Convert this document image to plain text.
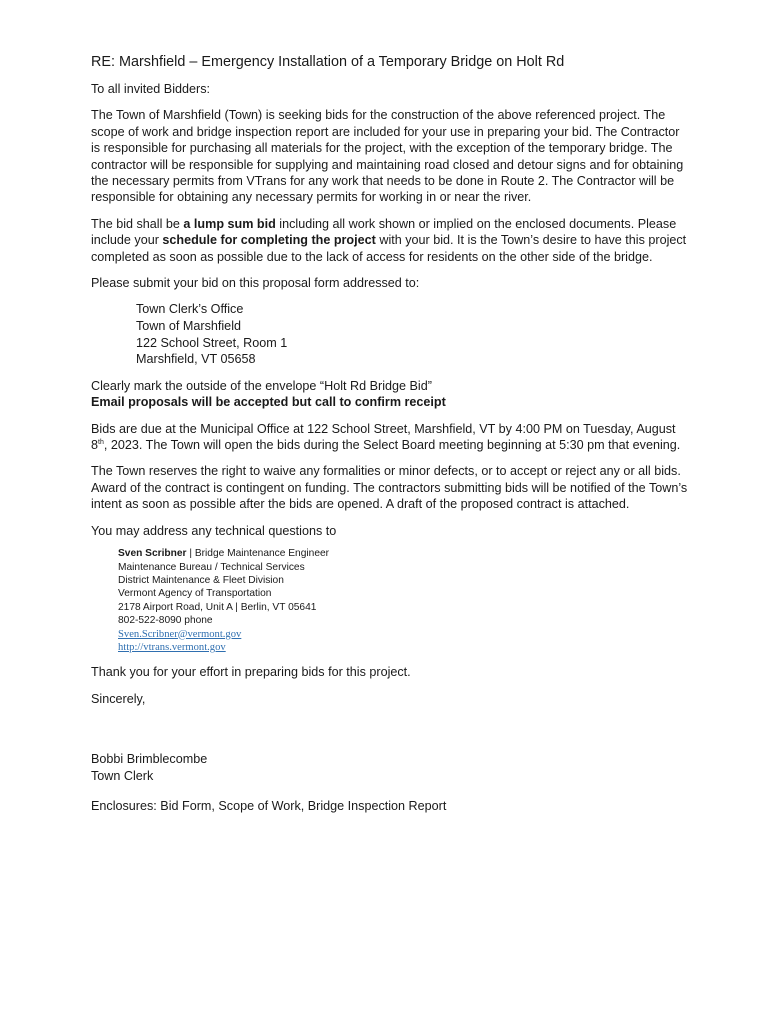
RE: Marshfield – Emergency Installation of a Temporary Bridge on Holt Rd

To all invited Bidders:

The Town of Marshfield (Town) is seeking bids for the construction of the above referenced project. The scope of work and bridge inspection report are included for your use in preparing your bid. The Contractor is responsible for purchasing all materials for the project, with the exception of the temporary bridge. The contractor will be responsible for supplying and maintaining road closed and detour signs and for obtaining the necessary permits from VTrans for any work that needs to be done in Route 2. The Contractor will be responsible for obtaining any necessary permits for working in or near the river.

The bid shall be a lump sum bid including all work shown or implied on the enclosed documents. Please include your schedule for completing the project with your bid. It is the Town’s desire to have this project completed as soon as possible due to the lack of access for residents on the other side of the bridge.

Please submit your bid on this proposal form addressed to:

Town Clerk’s Office
Town of Marshfield
122 School Street, Room 1
Marshfield, VT 05658

Clearly mark the outside of the envelope “Holt Rd Bridge Bid”
Email proposals will be accepted but call to confirm receipt

Bids are due at the Municipal Office at 122 School Street, Marshfield, VT by 4:00 PM on Tuesday, August 8th, 2023. The Town will open the bids during the Select Board meeting beginning at 5:30 pm that evening.

The Town reserves the right to waive any formalities or minor defects, or to accept or reject any or all bids. Award of the contract is contingent on funding. The contractors submitting bids will be notified of the Town’s intent as soon as possible after the bids are opened. A draft of the proposed contract is attached.

You may address any technical questions to

Sven Scribner | Bridge Maintenance Engineer
Maintenance Bureau / Technical Services
District Maintenance & Fleet Division
Vermont Agency of Transportation
2178 Airport Road, Unit A | Berlin, VT 05641
802-522-8090 phone
Sven.Scribner@vermont.gov
http://vtrans.vermont.gov

Thank you for your effort in preparing bids for this project.

Sincerely,

Bobbi Brimblecombe
Town Clerk

Enclosures: Bid Form, Scope of Work, Bridge Inspection Report
